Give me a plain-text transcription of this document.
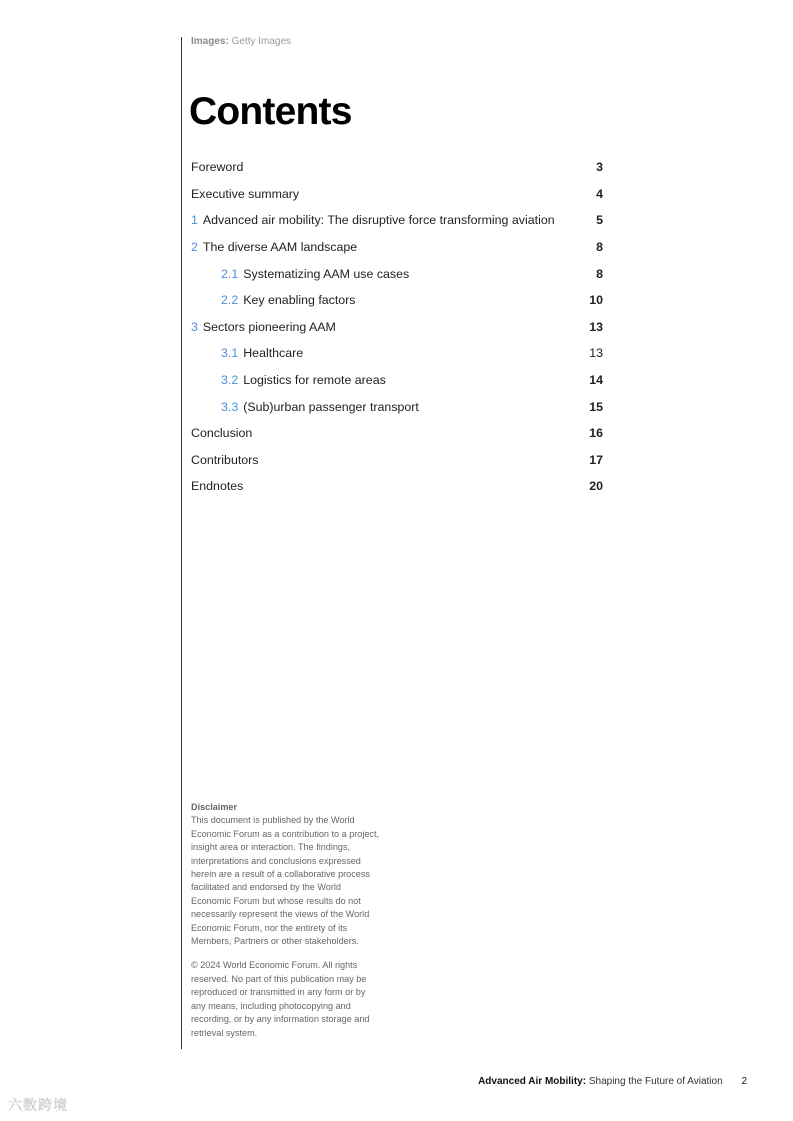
Images: Getty Images
Contents
Foreword	3
Executive summary	4
1 Advanced air mobility: The disruptive force transforming aviation	5
2 The diverse AAM landscape	8
2.1 Systematizing AAM use cases	8
2.2 Key enabling factors	10
3 Sectors pioneering AAM	13
3.1 Healthcare	13
3.2 Logistics for remote areas	14
3.3 (Sub)urban passenger transport	15
Conclusion	16
Contributors	17
Endnotes	20
Disclaimer

This document is published by the World Economic Forum as a contribution to a project, insight area or interaction. The findings, interpretations and conclusions expressed herein are a result of a collaborative process facilitated and endorsed by the World Economic Forum but whose results do not necessarily represent the views of the World Economic Forum, nor the entirety of its Members, Partners or other stakeholders.

© 2024 World Economic Forum. All rights reserved. No part of this publication may be reproduced or transmitted in any form or by any means, including photocopying and recording, or by any information storage and retrieval system.

Advanced Air Mobility: Shaping the Future of Aviation 2
六数跨境
